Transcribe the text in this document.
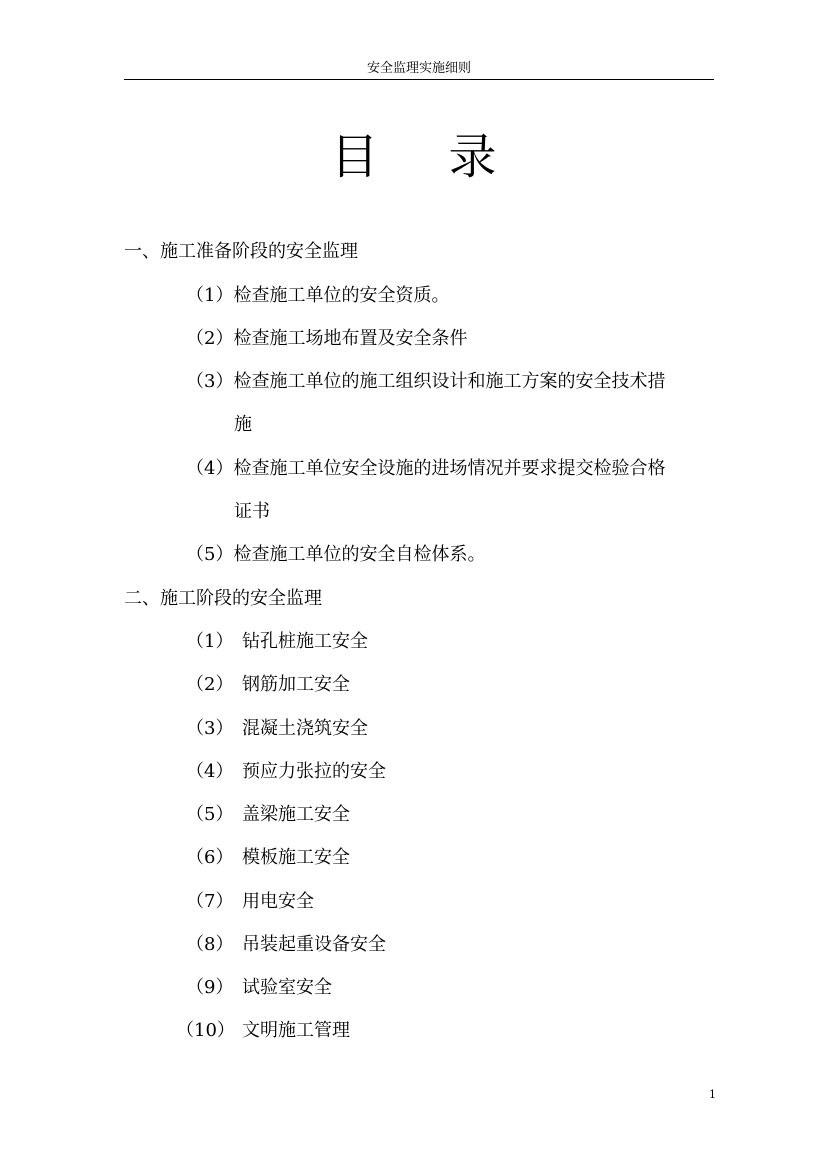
安全监理实施细则
目 录
一、施工准备阶段的安全监理
（1）检查施工单位的安全资质。
（2）检查施工场地布置及安全条件
（3）检查施工单位的施工组织设计和施工方案的安全技术措
施
（4）检查施工单位安全设施的进场情况并要求提交检验合格
证书
（5）检查施工单位的安全自检体系。
二、施工阶段的安全监理
（1） 钻孔桩施工安全
（2） 钢筋加工安全
（3） 混凝土浇筑安全
（4） 预应力张拉的安全
（5） 盖梁施工安全
（6） 模板施工安全
（7） 用电安全
（8） 吊装起重设备安全
（9） 试验室安全
（10） 文明施工管理
1
